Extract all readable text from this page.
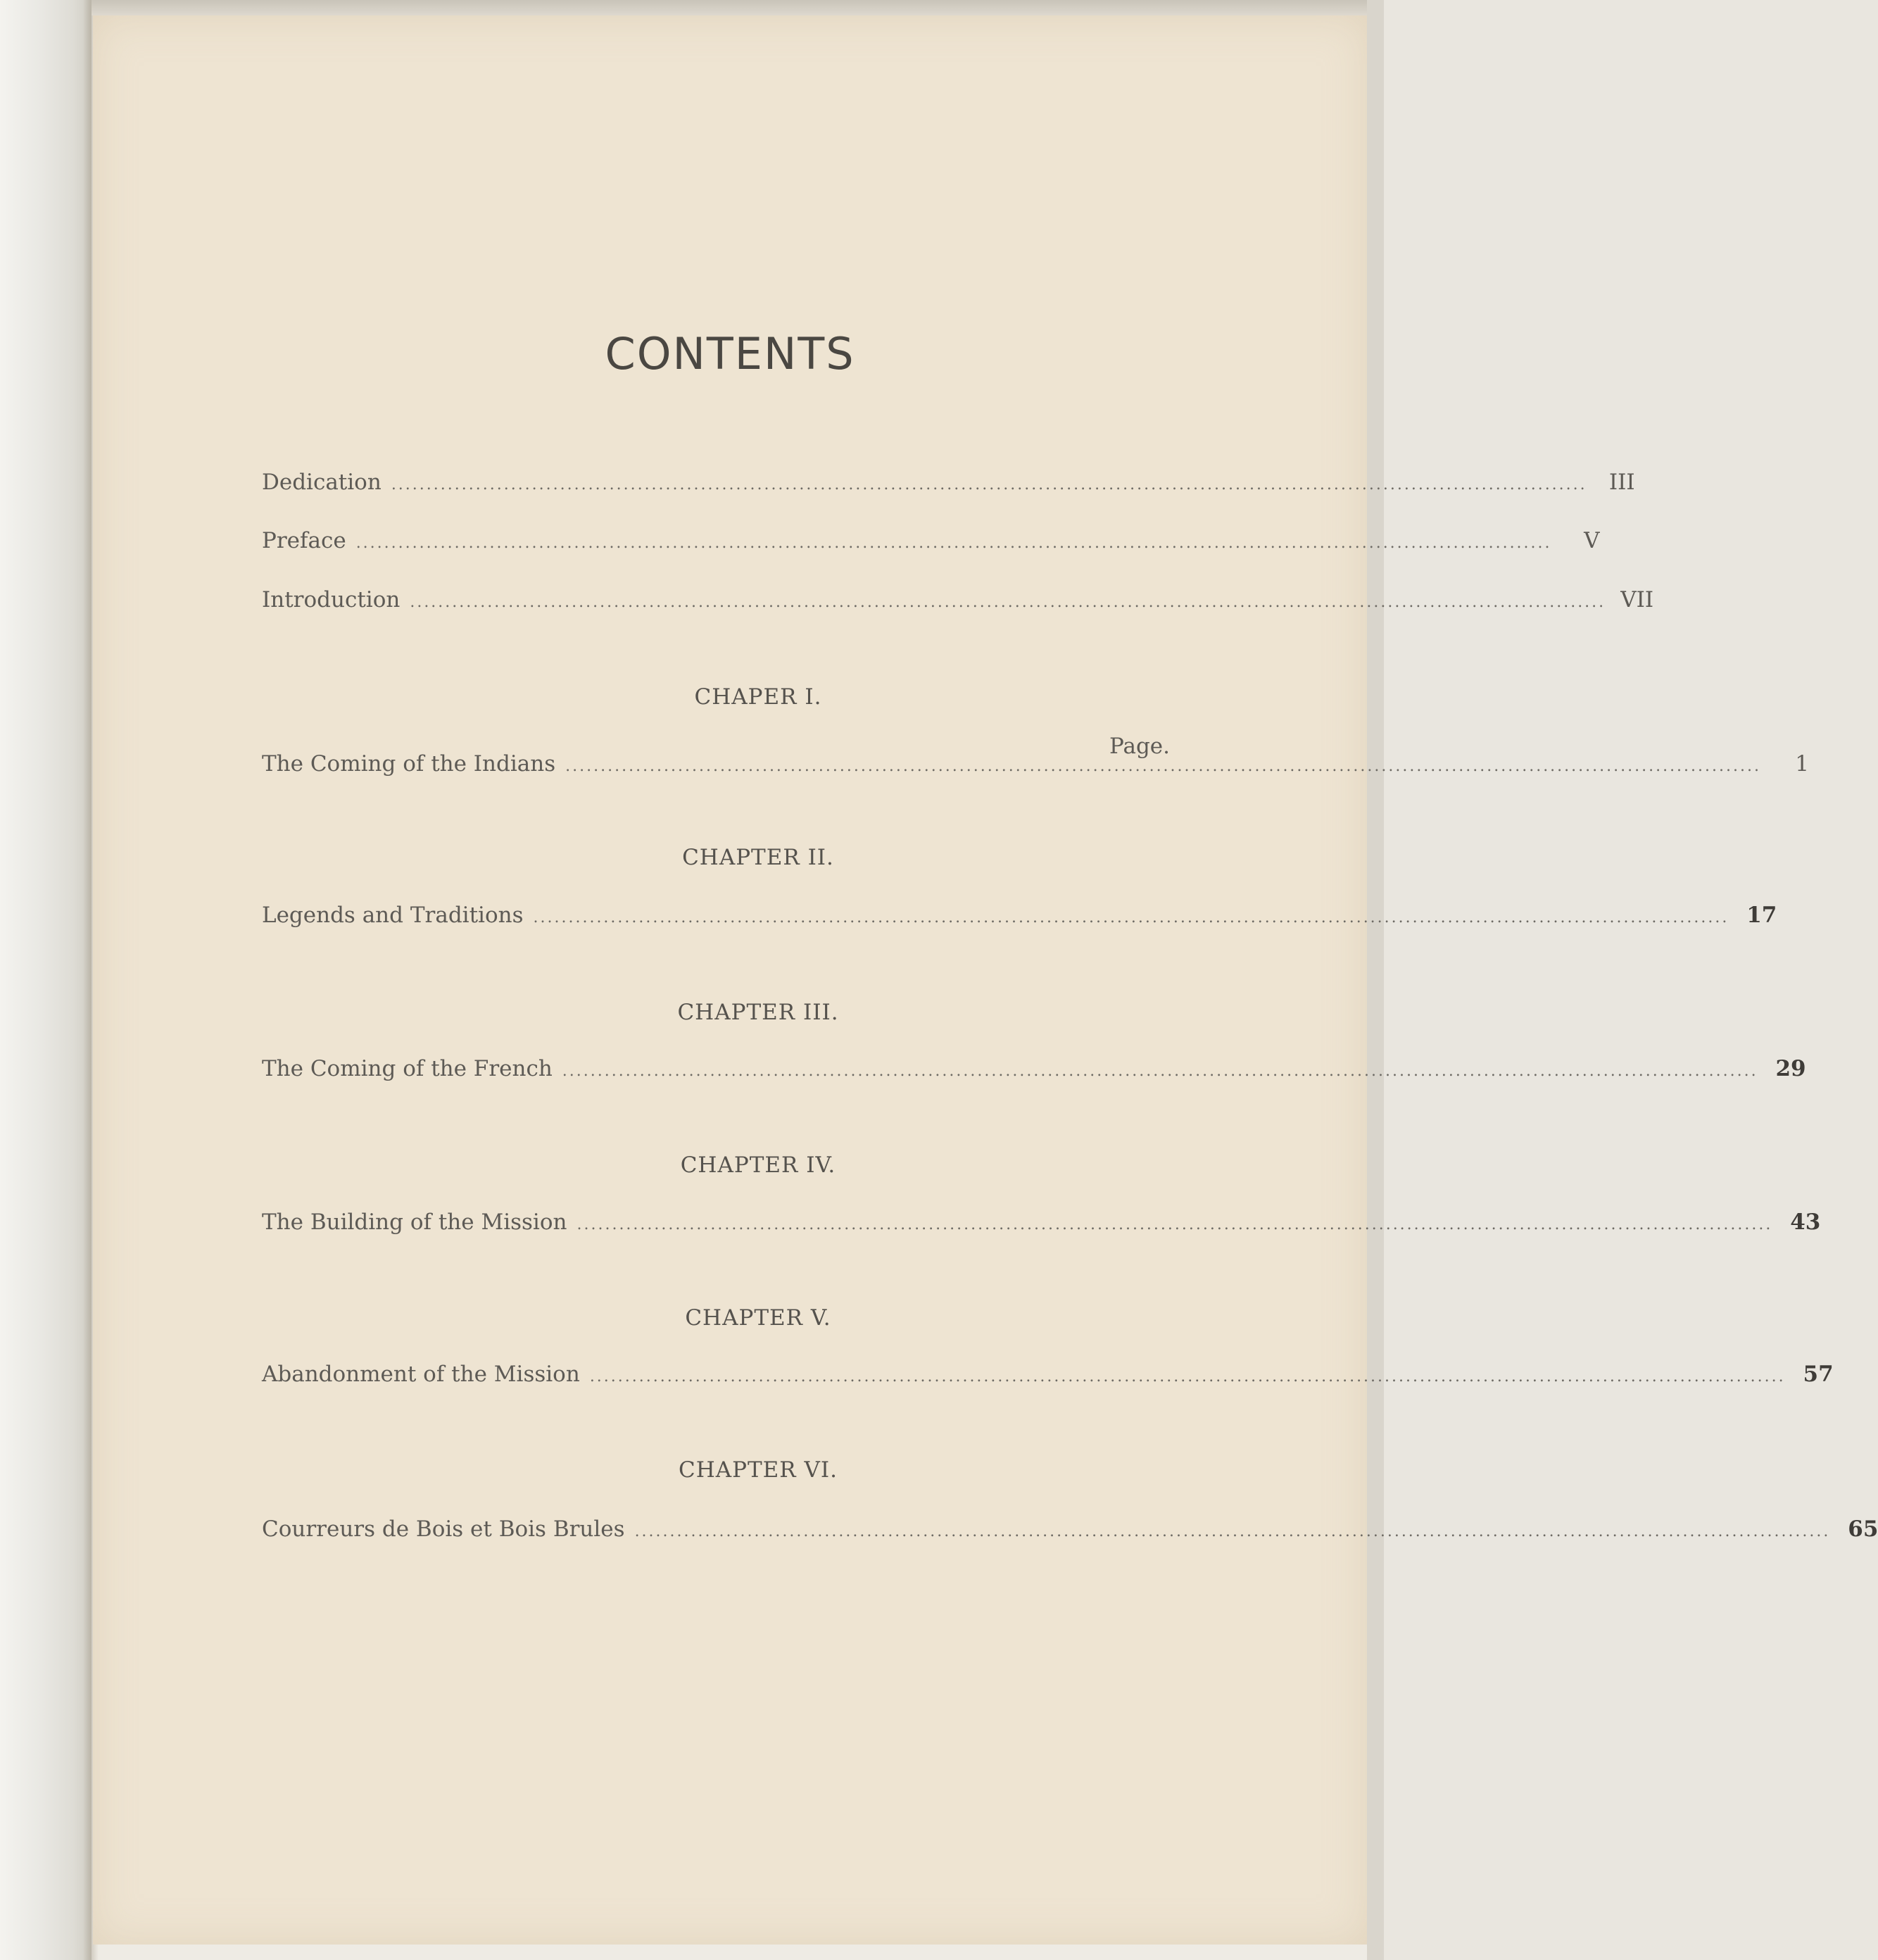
CONTENTS
Dedication ..........................................................................................................................................................................	III
Preface ..........................................................................................................................................................................	V
Introduction .......................................................................................................................................................................... VII
CHAPER I.
Page.
The Coming of the Indians ..........................................................................................................................................................................	1
CHAPTER II.
Legends and Traditions .......................................................................................................................................................................... 17
CHAPTER III.
The Coming of the French .......................................................................................................................................................................... 29
CHAPTER IV.
The Building of the Mission .......................................................................................................................................................................... 43
CHAPTER V.
Abandonment of the Mission .......................................................................................................................................................................... 57
CHAPTER VI.
Courreurs de Bois et Bois Brules .......................................................................................................................................................................... 65
